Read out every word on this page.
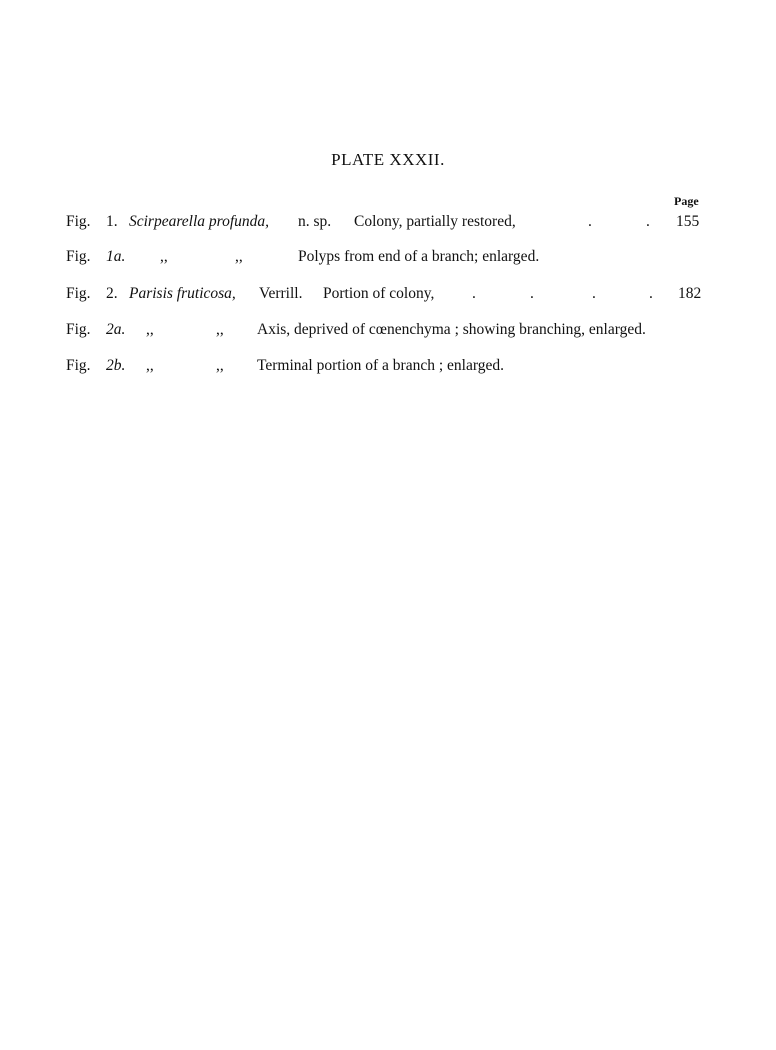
PLATE XXXII.
Page
Fig. 1. Scirpearella profunda, n. sp. Colony, partially restored,	.	. 155
Fig. 1a. ,,	,,	Polyps from end of a branch; enlarged.
Fig. 2. Parisis fruticosa, Verrill. Portion of colony, .	.	.	. 182
Fig. 2a. ,,	,, Axis, deprived of cœnenchyma ; showing branching, enlarged.
Fig. 2b. ,,	,, Terminal portion of a branch ; enlarged.
